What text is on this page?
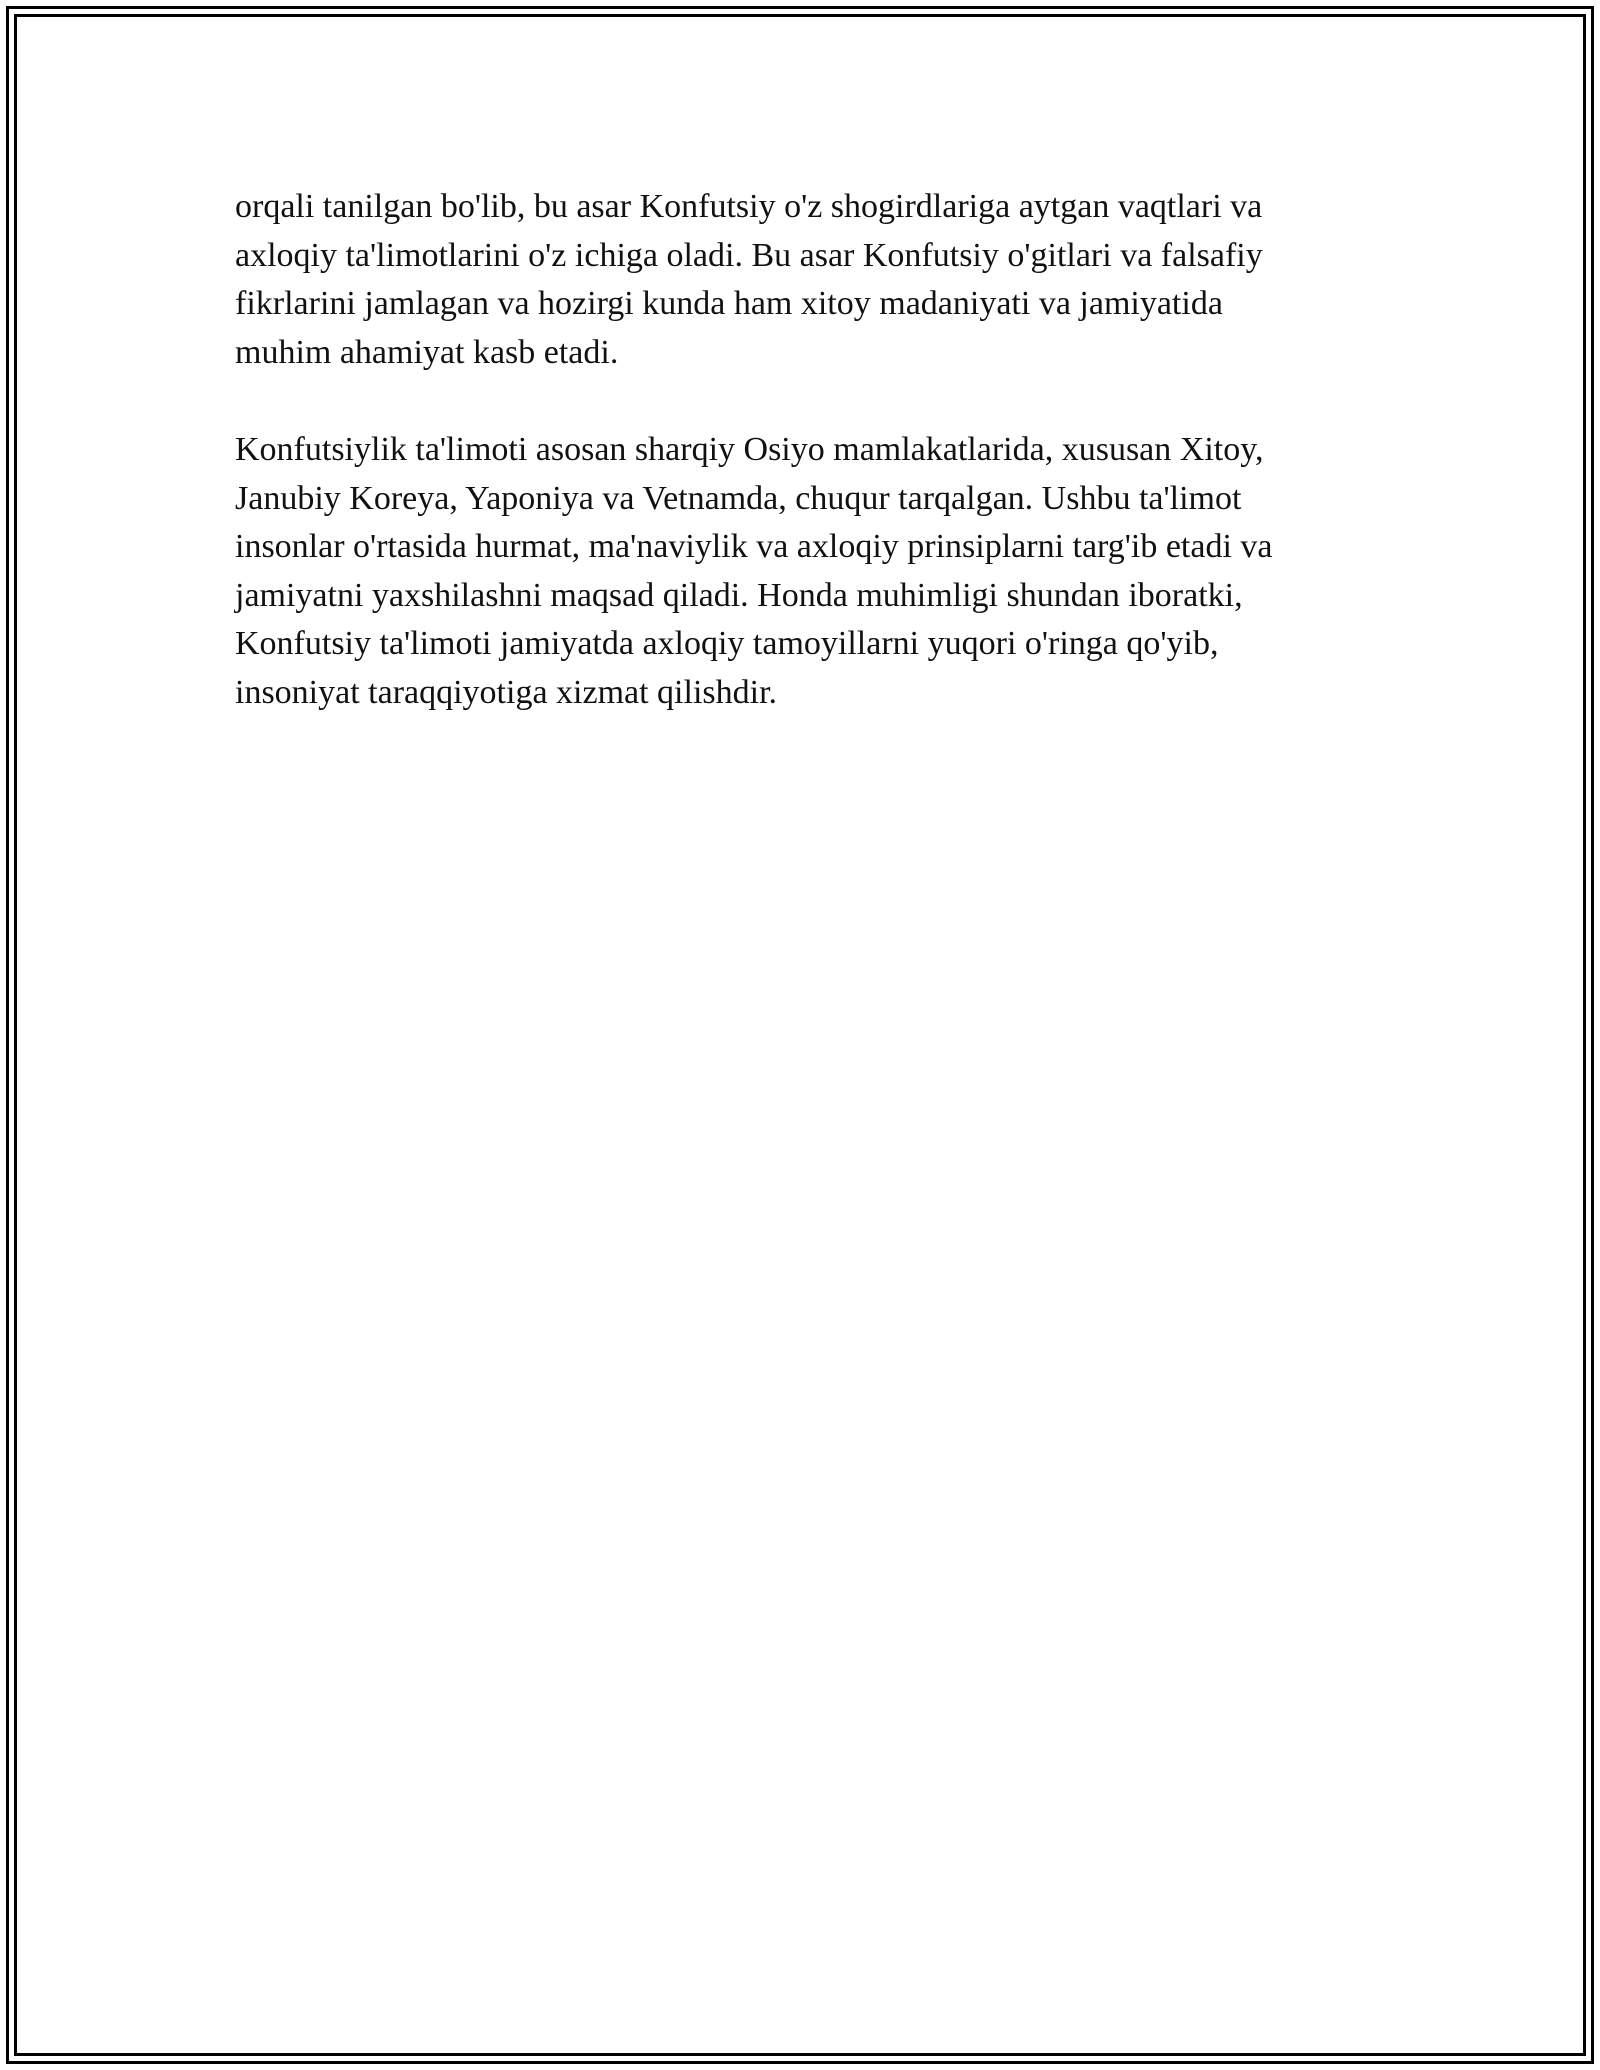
orqali tanilgan bo'lib, bu asar Konfutsiy o'z shogirdlariga aytgan vaqtlari va
axloqiy ta'limotlarini o'z ichiga oladi. Bu asar Konfutsiy o'gitlari va falsafiy
fikrlarini jamlagan va hozirgi kunda ham xitoy madaniyati va jamiyatida
muhim ahamiyat kasb etadi.

Konfutsiylik ta'limoti asosan sharqiy Osiyo mamlakatlarida, xususan Xitoy,
Janubiy Koreya, Yaponiya va Vetnamda, chuqur tarqalgan. Ushbu ta'limot
insonlar o'rtasida hurmat, ma'naviylik va axloqiy prinsiplarni targ'ib etadi va
jamiyatni yaxshilashni maqsad qiladi. Honda muhimligi shundan iboratki,
Konfutsiy ta'limoti jamiyatda axloqiy tamoyillarni yuqori o'ringa qo'yib,
insoniyat taraqqiyotiga xizmat qilishdir.
